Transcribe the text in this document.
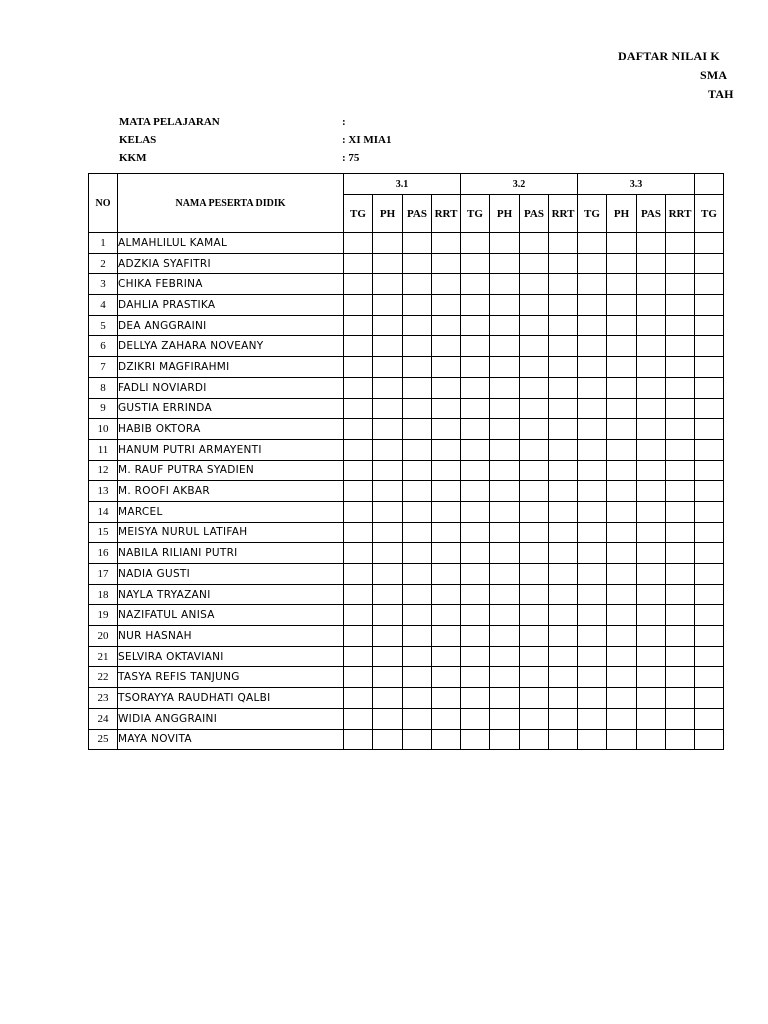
DAFTAR NILAI K
SMA
TAH
MATA PELAJARAN	:
KELAS	: XI MIA1
KKM	: 75
NO	NAMA PESERTA DIDIK	3.1				3.2				3.3				
		TG	PH	PAS	RRT	TG	PH	PAS	RRT	TG	PH	PAS	RRT	TG
1	ALMAHLILUL KAMAL													
2	ADZKIA SYAFITRI													
3	CHIKA FEBRINA													
4	DAHLIA PRASTIKA													
5	DEA ANGGRAINI													
6	DELLYA ZAHARA NOVEANY													
7	DZIKRI MAGFIRAHMI													
8	FADLI NOVIARDI													
9	GUSTIA ERRINDA													
10	HABIB OKTORA													
11	HANUM PUTRI ARMAYENTI													
12	M. RAUF PUTRA SYADIEN													
13	M. ROOFI AKBAR													
14	MARCEL													
15	MEISYA NURUL LATIFAH													
16	NABILA RILIANI PUTRI													
17	NADIA GUSTI													
18	NAYLA TRYAZANI													
19	NAZIFATUL ANISA													
20	NUR HASNAH													
21	SELVIRA OKTAVIANI													
22	TASYA REFIS TANJUNG													
23	TSORAYYA RAUDHATI QALBI													
24	WIDIA ANGGRAINI													
25	MAYA NOVITA													
